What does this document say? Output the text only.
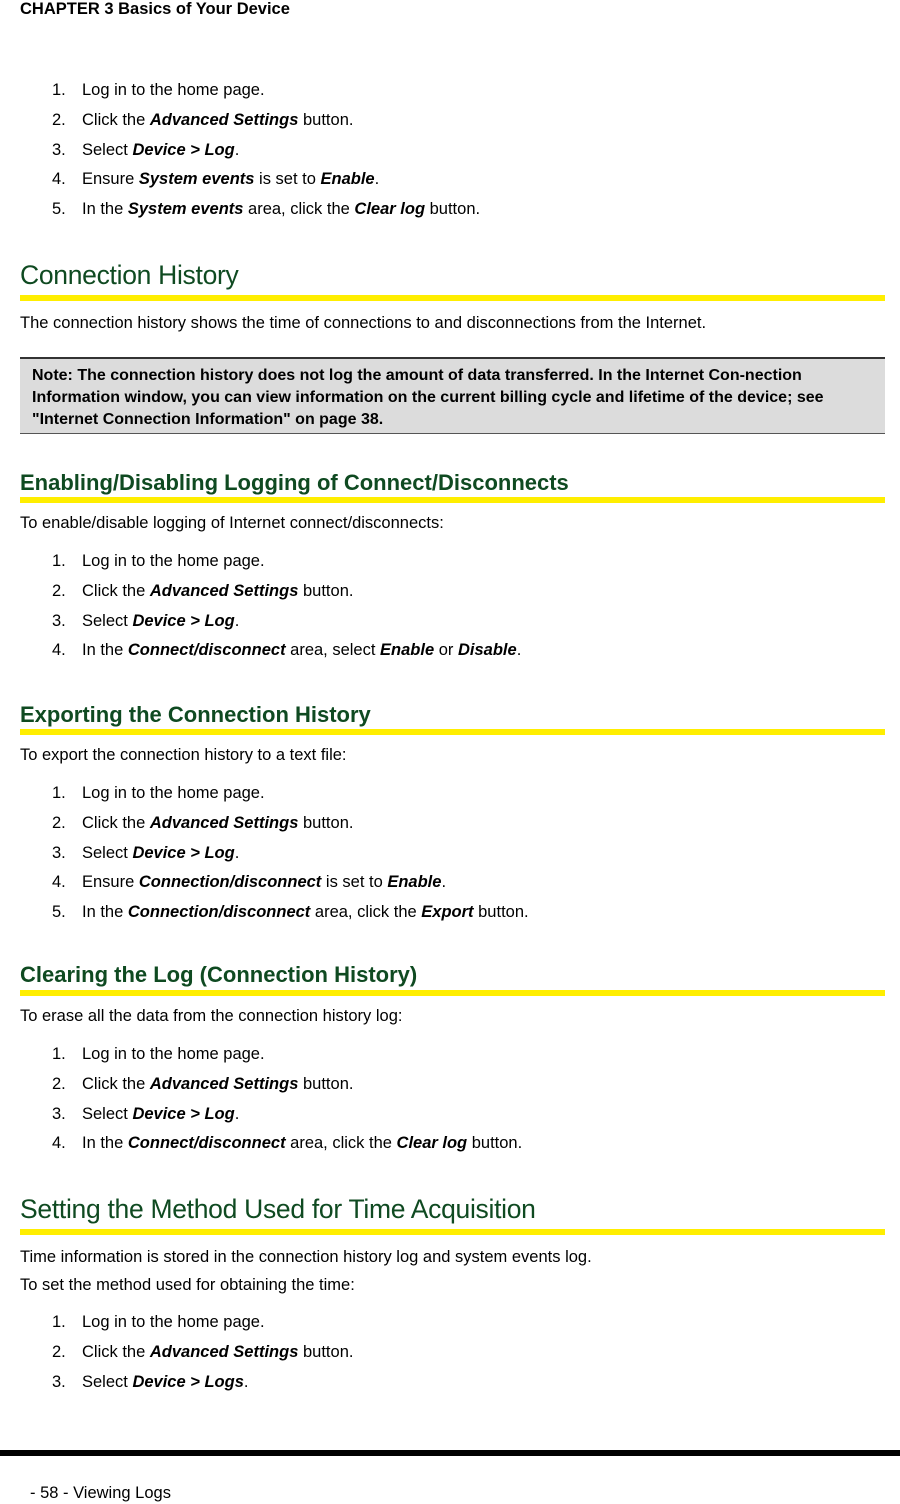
CHAPTER 3 Basics of Your Device
1. Log in to the home page.
2. Click the Advanced Settings button.
3. Select Device > Log.
4. Ensure System events is set to Enable.
5. In the System events area, click the Clear log button.
Connection History
The connection history shows the time of connections to and disconnections from the Internet.
Note: The connection history does not log the amount of data transferred. In the Internet Con-nection Information window, you can view information on the current billing cycle and lifetime of the device; see "Internet Connection Information" on page 38.
Enabling/Disabling Logging of Connect/Disconnects
To enable/disable logging of Internet connect/disconnects:
1. Log in to the home page.
2. Click the Advanced Settings button.
3. Select Device > Log.
4. In the Connect/disconnect area, select Enable or Disable.
Exporting the Connection History
To export the connection history to a text file:
1. Log in to the home page.
2. Click the Advanced Settings button.
3. Select Device > Log.
4. Ensure Connection/disconnect is set to Enable.
5. In the Connection/disconnect area, click the Export button.
Clearing the Log (Connection History)
To erase all the data from the connection history log:
1. Log in to the home page.
2. Click the Advanced Settings button.
3. Select Device > Log.
4. In the Connect/disconnect area, click the Clear log button.
Setting the Method Used for Time Acquisition
Time information is stored in the connection history log and system events log.
To set the method used for obtaining the time:
1. Log in to the home page.
2. Click the Advanced Settings button.
3. Select Device > Logs.
- 58 - Viewing Logs
